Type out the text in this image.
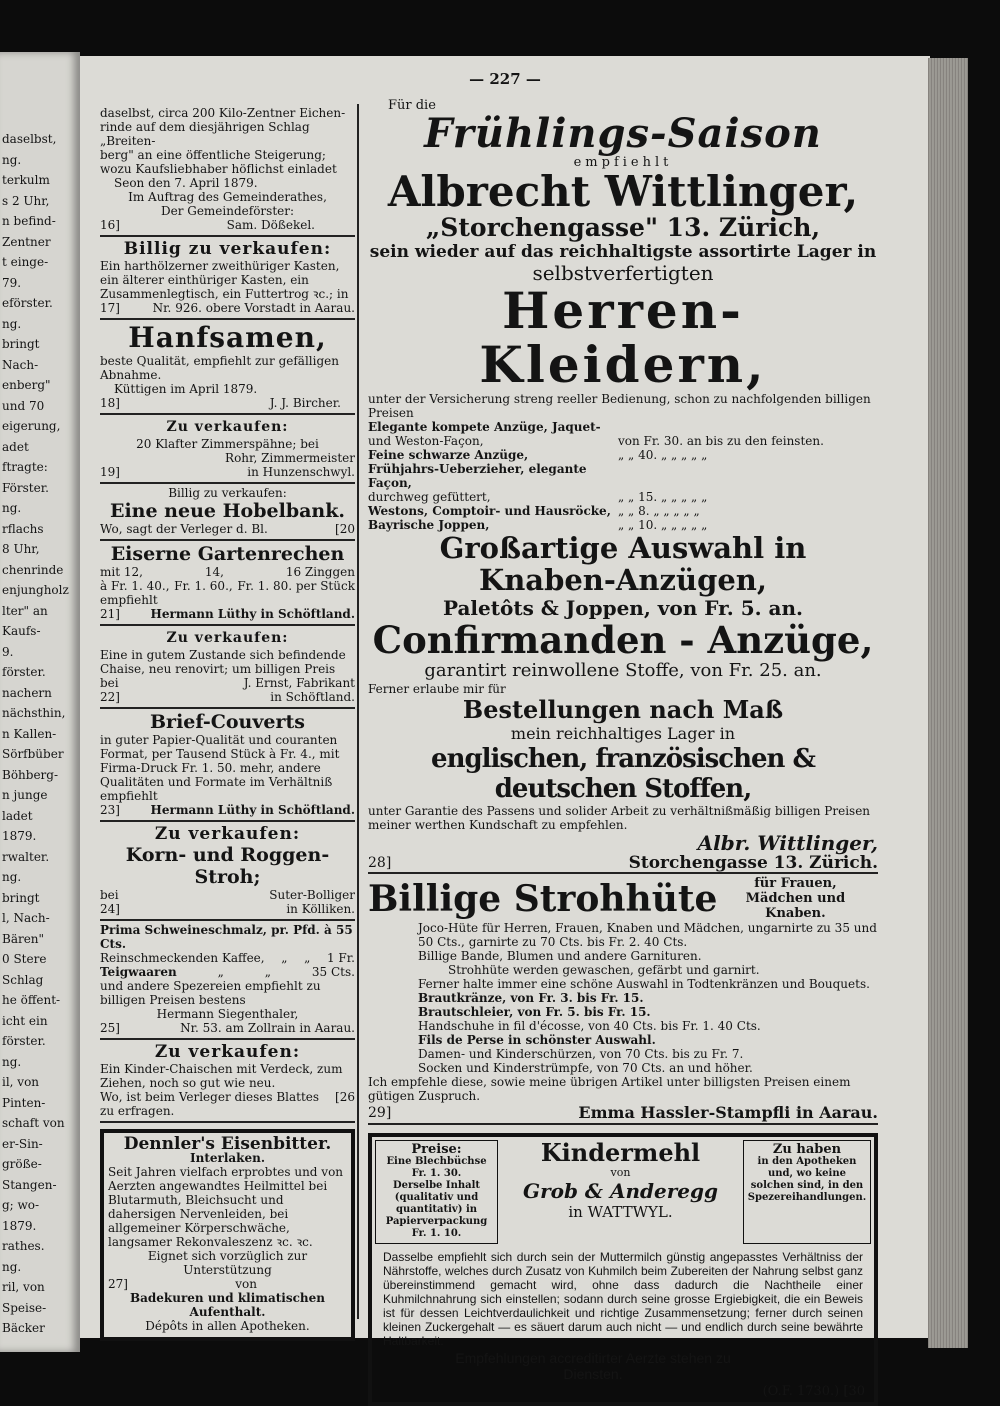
daselbst,
ng.
terkulm
s 2 Uhr,
n befind-
Zentner
t einge-
79.
eförster.
ng.
bringt
Nach-
enberg"
und 70
eigerung,
adet
ftragte:
Förster.
ng.
rflachs
8 Uhr,
chenrinde
enjungholz
lter" an
Kaufs-
9.
förster.
nachern
nächsthin,
n Kallen-
Sörfbüber
Böhberg-
n junge
ladet
1879.
rwalter.
ng.
bringt
l, Nach-
Bären"
0 Stere
Schlag
he öffent-
icht ein
förster.
ng.
il, von
Pinten-
schaft von
er-Sin-
größe-
Stangen-
g; wo-
1879.
rathes.
ng.
ril, von
Speise-
Bäcker
— 227 —

daselbst, circa 200 Kilo-Zentner Eichen-

rinde auf dem diesjährigen Schlag „Breiten-

berg" an eine öffentliche Steigerung;

wozu Kaufsliebhaber höflichst einladet

Seon den 7. April 1879.

Im Auftrag des Gemeinderathes,

Der Gemeindeförster:

16]	Sam. Dößekel.
Billig zu verkaufen:

Ein harthölzerner zweithüriger Kasten, ein älterer einthüriger Kasten, ein Zusammenlegtisch, ein Futtertrog ꝛc.; in

17]	Nr. 926. obere Vorstadt in Aarau.
Hanfsamen,

beste Qualität, empfiehlt zur gefälligen Abnahme.

Küttigen im April 1879.

18]	J. J. Bircher.
Zu verkaufen:

20 Klafter Zimmerspähne; bei

Rohr, Zimmermeister

19]	in Hunzenschwyl.

Billig zu verkaufen:

Eine neue Hobelbank.
Wo, sagt der Verleger d. Bl.	[20
Eiserne Gartenrechen
mit 12,	14,	16 Zinggen
à Fr. 1. 40., Fr. 1. 60., Fr. 1. 80. per Stück

empfiehlt

21]	Hermann Lüthy in Schöftland.
Zu verkaufen:

Eine in gutem Zustande sich befindende Chaise, neu renovirt; um billigen Preis

bei	J. Ernst, Fabrikant
22]	in Schöftland.
Brief-Couverts

in guter Papier-Qualität und couranten Format, per Tausend Stück à Fr. 4., mit Firma-Druck Fr. 1. 50. mehr, andere Qualitäten und Formate im Verhältniß

empfiehlt

23]	Hermann Lüthy in Schöftland.
Zu verkaufen:
Korn- und Roggen-Stroh;
bei	Suter-Bolliger
24]	in Kölliken.

Prima Schweineschmalz, pr. Pfd. à 55 Cts.

Reinschmeckenden Kaffee, „ „ 1 Fr.
Teigwaaren	„	„	35 Cts.

und andere Spezereien empfiehlt zu billigen Preisen bestens

Hermann Siegenthaler,

25]	Nr. 53. am Zollrain in Aarau.
Zu verkaufen:

Ein Kinder-Chaischen mit Verdeck, zum Ziehen, noch so gut wie neu.

Wo, ist beim Verleger dieses Blattes zu erfragen.
[26
Dennler's Eisenbitter.

Interlaken.

Seit Jahren vielfach erprobtes und von Aerzten angewandtes Heilmittel bei Blutarmuth, Bleichsucht und dahersigen Nervenleiden, bei allgemeiner Körperschwäche, langsamer Rekonvaleszenz ꝛc. ꝛc.

Eignet sich vorzüglich zur Unterstützung

27]	von

Badekuren und klimatischen Aufenthalt.

Dépôts in allen Apotheken.

Für die
Frühlings-Saison
empfiehlt
Albrecht Wittlinger,
„Storchengasse" 13. Zürich,
sein wieder auf das reichhaltigste assortirte Lager in
selbstverfertigten
Herren-Kleidern,
unter der Versicherung streng reeller Bedienung, schon zu nachfolgenden billigen Preisen
Elegante kompete Anzüge, Jaquet-
und Weston-Façon,	von Fr. 30. an bis zu den feinsten.
Feine schwarze Anzüge,	„ „ 40. „ „ „ „ „
Frühjahrs-Ueberzieher, elegante Façon,
durchweg gefüttert,	„ „ 15. „ „ „ „ „
Westons, Comptoir- und Hausröcke, „ „ 8. „ „ „ „ „
Bayrische Joppen,	„ „ 10. „ „ „ „ „
Großartige Auswahl in Knaben-Anzügen,
Paletôts & Joppen, von Fr. 5. an.
Confirmanden - Anzüge,
garantirt reinwollene Stoffe, von Fr. 25. an.
Ferner erlaube mir für
Bestellungen nach Maß
mein reichhaltiges Lager in
englischen, französischen & deutschen Stoffen,
unter Garantie des Passens und solider Arbeit zu verhältnißmäßig billigen Preisen meiner werthen Kundschaft zu empfehlen.
Albr. Wittlinger,
28]	Storchengasse 13. Zürich.
Billige Strohhüte	für Frauen, Mädchen und Knaben.
Joco-Hüte für Herren, Frauen, Knaben und Mädchen, ungarnirte zu 35 und 50 Cts., garnirte zu 70 Cts. bis Fr. 2. 40 Cts.
Billige Bande, Blumen und andere Garnituren.
Strohhüte werden gewaschen, gefärbt und garnirt.
Ferner halte immer eine schöne Auswahl in Todtenkränzen und Bouquets.
Brautkränze, von Fr. 3. bis Fr. 15.
Brautschleier, von Fr. 5. bis Fr. 15.
Handschuhe in fil d'écosse, von 40 Cts. bis Fr. 1. 40 Cts.
Fils de Perse in schönster Auswahl.
Damen- und Kinderschürzen, von 70 Cts. bis zu Fr. 7.
Socken und Kinderstrümpfe, von 70 Cts. an und höher.
Ich empfehle diese, sowie meine übrigen Artikel unter billigsten Preisen einem gütigen Zuspruch.
29]	Emma Hassler-Stampfli in Aarau.
Preise:
Eine Blechbüchse Fr. 1. 30.
Derselbe Inhalt (qualitativ und quantitativ) in Papierverpackung Fr. 1. 10.
Kindermehl
von
Grob & Anderegg
in WATTWYL.
Zu haben
in den Apotheken und, wo keine solchen sind, in den Spezereihandlungen.
Dasselbe empfiehlt sich durch sein der Muttermilch günstig angepasstes Verhältniss der Nährstoffe, welches durch Zusatz von Kuhmilch beim Zubereiten der Nahrung selbst ganz übereinstimmend gemacht wird, ohne dass dadurch die Nachtheile einer Kuhmilchnahrung sich einstellen; sodann durch seine grosse Ergiebigkeit, die ein Beweis ist für dessen Leichtverdaulichkeit und richtige Zusammensetzung; ferner durch seinen kleinen Zuckergehalt — es säuert darum auch nicht — und endlich durch seine bewährte Haltbarkeit.
Empfehlungen accreditirter Aerzte stehen zu Diensten.
(O.F. 1730.) [30
